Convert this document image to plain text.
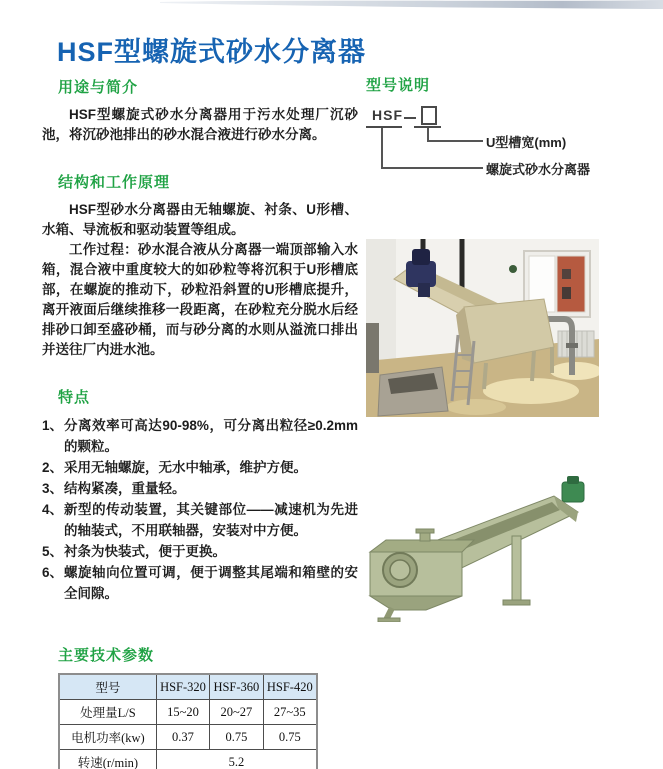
HSF型螺旋式砂水分离器
用途与简介

HSF型螺旋式砂水分离器用于污水处理厂沉砂池，将沉砂池排出的砂水混合液进行砂水分离。

结构和工作原理

HSF型砂水分离器由无轴螺旋、衬条、U形槽、水箱、导流板和驱动装置等组成。

工作过程：砂水混合液从分离器一端顶部输入水箱，混合液中重度较大的如砂粒等将沉积于U形槽底部，在螺旋的推动下，砂粒沿斜置的U形槽底提升，离开液面后继续推移一段距离，在砂粒充分脱水后经排砂口卸至盛砂桶，而与砂分离的水则从溢流口排出并送往厂内进水池。

特点
1、 分离效率可高达90-98%，可分离出粒径≥0.2mm的颗粒。
2、 采用无轴螺旋，无水中轴承，维护方便。
3、 结构紧凑，重量轻。
4、 新型的传动装置，其关键部位——减速机为先进的轴装式，不用联轴器，安装对中方便。
5、 衬条为快装式，便于更换。
6、 螺旋轴向位置可调，便于调整其尾端和箱壁的安全间隙。
主要技术参数
型号	HSF-320	HSF-360	HSF-420
处理量L/S	15~20	20~27	27~35
电机功率(kw)	0.37	0.75	0.75
转速(r/min)	5.2		
型号说明
HSF
U型槽宽(mm)
螺旋式砂水分离器
